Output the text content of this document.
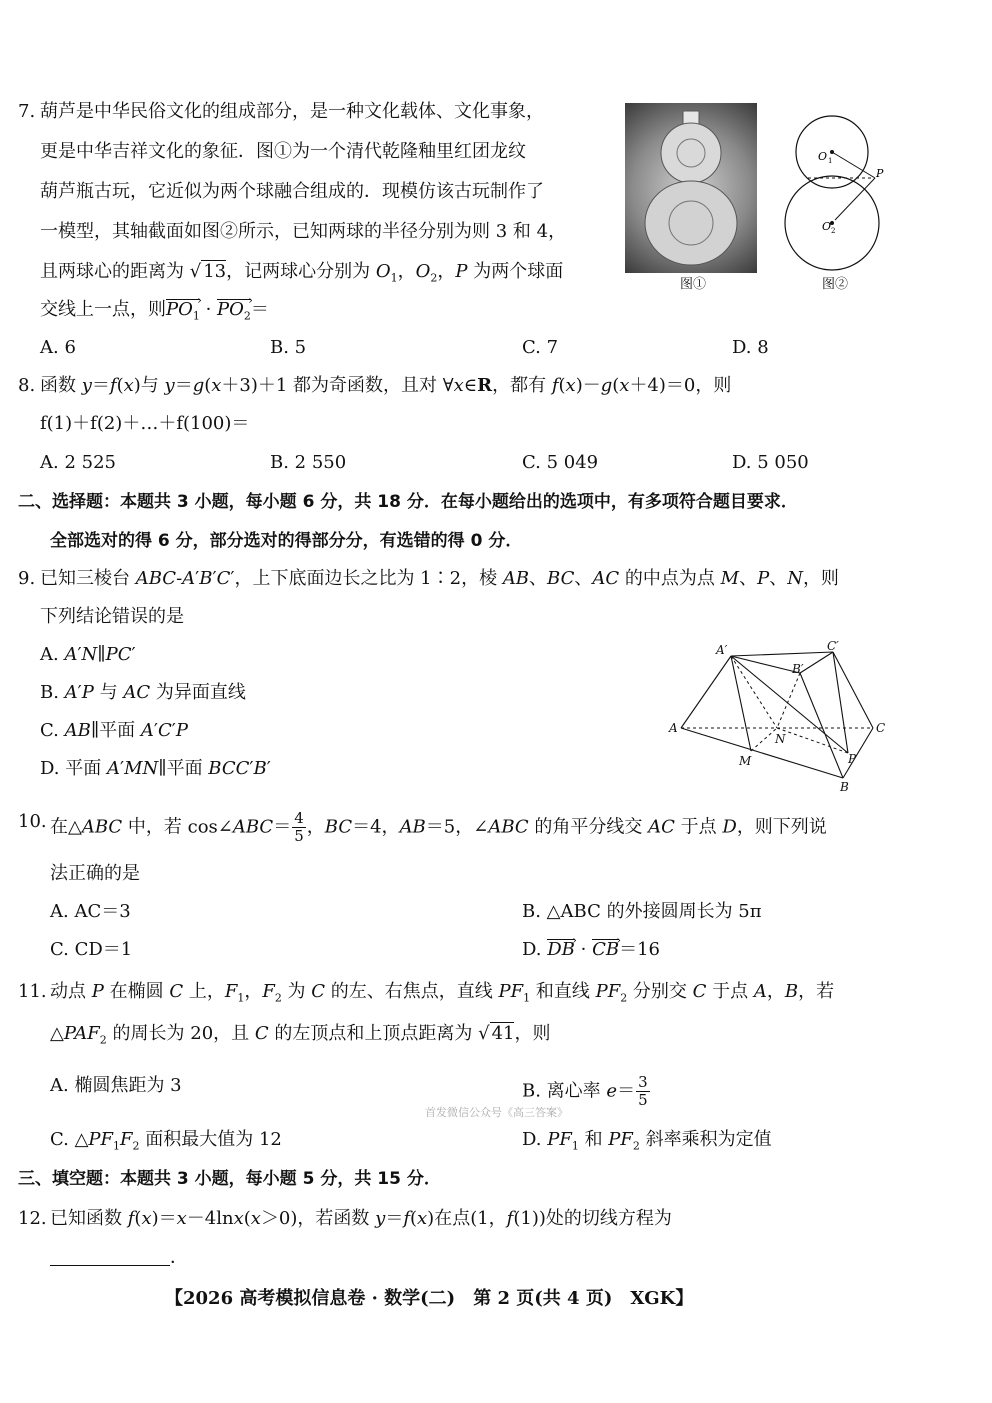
7. 葫芦是中华民俗文化的组成部分，是一种文化载体、文化事象，
更是中华吉祥文化的象征．图①为一个清代乾隆釉里红团龙纹
葫芦瓶古玩，它近似为两个球融合组成的．现模仿该古玩制作了
一模型，其轴截面如图②所示，已知两球的半径分别为则 3 和 4，
且两球心的距离为 √ 13，记两球心分别为 $O_1$，$O_2$，P 为两个球面
交线上一点，则$PO_1$ › · $PO_2$ ›＝
A. 6	B. 5	C. 7	D. 8
图①
O 1
P
O 2
图②
8. 函数 y＝f(x)与 y＝g(x＋3)＋1 都为奇函数，且对 ∀x∈R，都有 f(x)－g(x＋4)＝0，则
f(1)＋f(2)＋…＋f(100)＝
A. 2 525	B. 2 550	C. 5 049	D. 5 050
二、选择题：本题共 3 小题，每小题 6 分，共 18 分．在每小题给出的选项中，有多项符合题目要求．
全部选对的得 6 分，部分选对的得部分分，有选错的得 0 分．
9. 已知三棱台 ABC-A′B′C′，上下底面边长之比为 1∶2，棱 AB、BC、AC 的中点为点 M、P、N，则
下列结论错误的是
A. A′N∥PC′
B. A′P 与 AC 为异面直线
C. AB∥平面 A′C′P
D. 平面 A′MN∥平面 BCC′B′
A′	C′
B′
A	C
N
M	P
B
10. 在△ABC 中，若 cos∠ABC＝ $\frac{4}{5}$ ，BC＝4，AB＝5，∠ABC 的角平分线交 AC 于点 D，则下列说
法正确的是
A. AC＝3	B. △ABC 的外接圆周长为 5π
C. CD＝1	D. DB › · CB ›＝16
11. 动点 P 在椭圆 C 上，$F_1$，$F_2$ 为 C 的左、右焦点，直线 $PF_1$ 和直线 $PF_2$ 分别交 C 于点 A，B，若
$\triangle PAF_2$ 的周长为 20，且 C 的左顶点和上顶点距离为 √ 41，则
A. 椭圆焦距为 3	B. 离心率 $e= \frac{3}{5}$
首发微信公众号《高三答案》
C. $\triangle PF_1F_2$ 面积最大值为 12	D. $PF_1$ 和 $PF_2$ 斜率乘积为定值
三、填空题：本题共 3 小题，每小题 5 分，共 15 分．
12. 已知函数 f(x)＝x－4lnx(x＞0)，若函数 y＝f(x)在点(1，f(1))处的切线方程为
．
【2026 高考模拟信息卷 · 数学(二)　第 2 页(共 4 页)　XGK】
